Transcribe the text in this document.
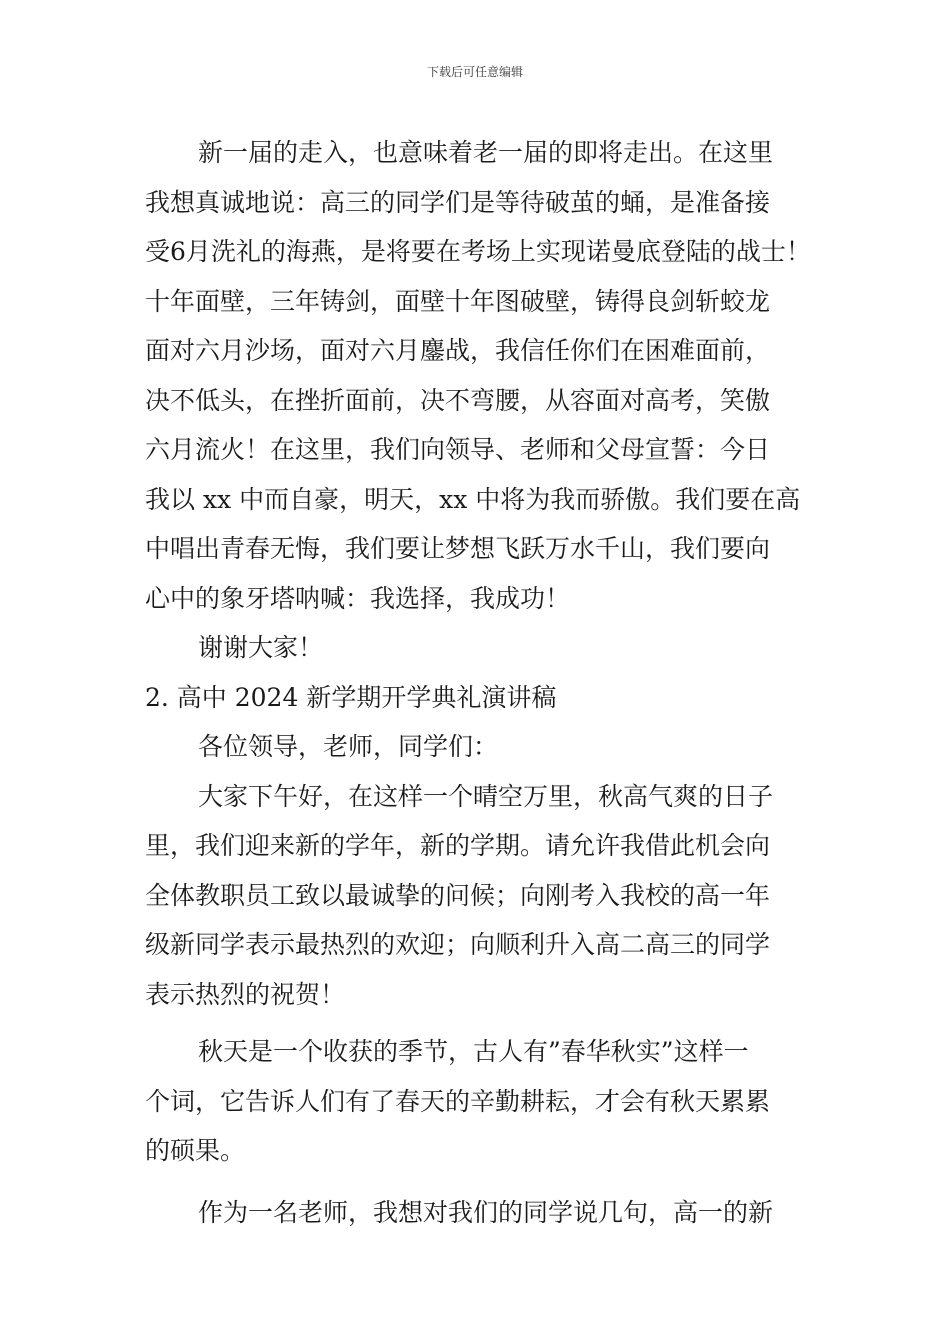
下载后可任意编辑
新一届的走入，也意味着老一届的即将走出。在这里
我想真诚地说：高三的同学们是等待破茧的蛹，是准备接
受6月洗礼的海燕，是将要在考场上实现诺曼底登陆的战士！
十年面壁，三年铸剑，面壁十年图破壁，铸得良剑斩蛟龙
面对六月沙场，面对六月鏖战，我信任你们在困难面前，
决不低头，在挫折面前，决不弯腰，从容面对高考，笑傲
六月流火！在这里，我们向领导、老师和父母宣誓：今日
我以 xx 中而自豪，明天，xx 中将为我而骄傲。我们要在高
中唱出青春无悔，我们要让梦想飞跃万水千山，我们要向
心中的象牙塔呐喊：我选择，我成功！
谢谢大家！
2. 高中 2024 新学期开学典礼演讲稿
各位领导，老师，同学们：
大家下午好，在这样一个晴空万里，秋高气爽的日子
里，我们迎来新的学年，新的学期。请允许我借此机会向
全体教职员工致以最诚挚的问候；向刚考入我校的高一年
级新同学表示最热烈的欢迎；向顺利升入高二高三的同学
表示热烈的祝贺！
秋天是一个收获的季节，古人有”春华秋实”这样一
个词，它告诉人们有了春天的辛勤耕耘，才会有秋天累累
的硕果。
作为一名老师，我想对我们的同学说几句，高一的新
